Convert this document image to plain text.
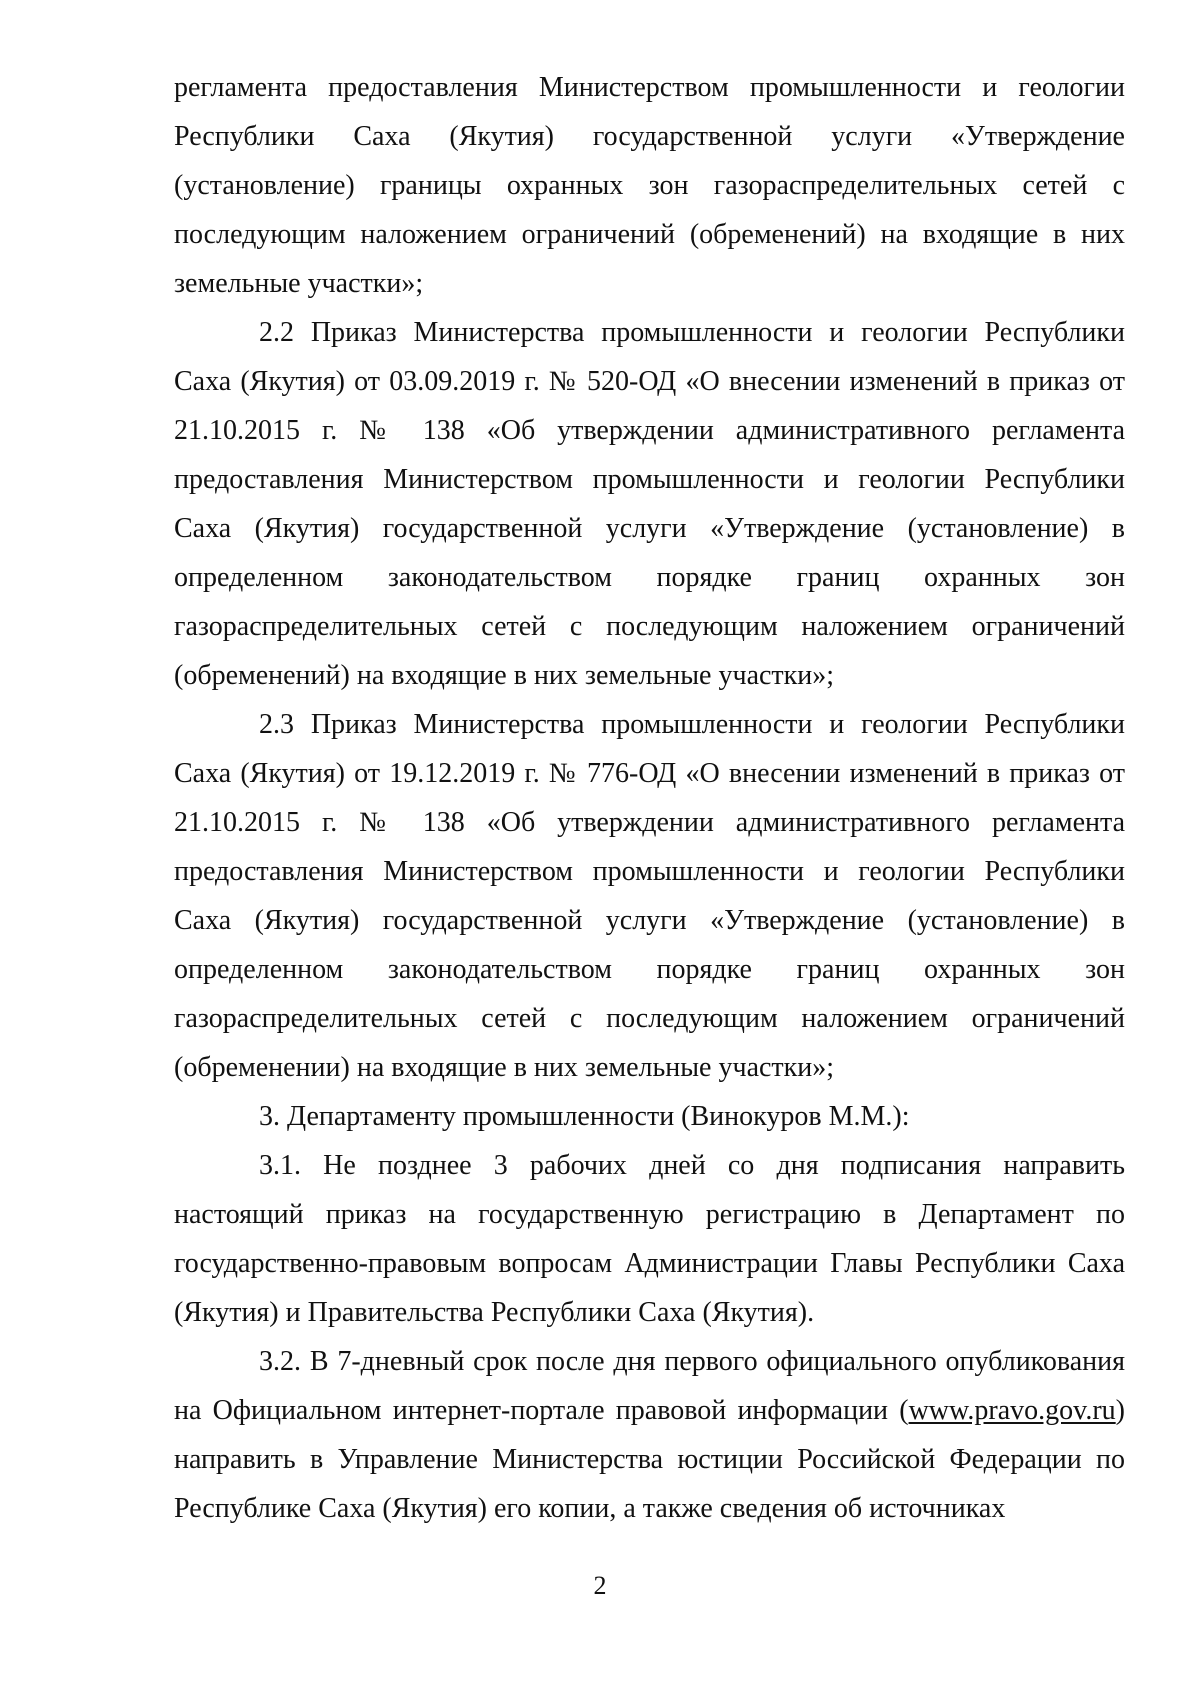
регламента предоставления Министерством промышленности и геологии Республики Саха (Якутия) государственной услуги «Утверждение (установление) границы охранных зон газораспределительных сетей с последующим наложением ограничений (обременений) на входящие в них земельные участки»;

2.2 Приказ Министерства промышленности и геологии Республики Саха (Якутия) от 03.09.2019 г. № 520-ОД «О внесении изменений в приказ от 21.10.2015 г. № 138 «Об утверждении административного регламента предоставления Министерством промышленности и геологии Республики Саха (Якутия) государственной услуги «Утверждение (установление) в определенном законодательством порядке границ охранных зон газораспределительных сетей с последующим наложением ограничений (обременений) на входящие в них земельные участки»;

2.3 Приказ Министерства промышленности и геологии Республики Саха (Якутия) от 19.12.2019 г. № 776-ОД «О внесении изменений в приказ от 21.10.2015 г. № 138 «Об утверждении административного регламента предоставления Министерством промышленности и геологии Республики Саха (Якутия) государственной услуги «Утверждение (установление) в определенном законодательством порядке границ охранных зон газораспределительных сетей с последующим наложением ограничений (обременении) на входящие в них земельные участки»;

3. Департаменту промышленности (Винокуров М.М.):

3.1. Не позднее 3 рабочих дней со дня подписания направить настоящий приказ на государственную регистрацию в Департамент по государственно-правовым вопросам Администрации Главы Республики Саха (Якутия) и Правительства Республики Саха (Якутия).

3.2. В 7-дневный срок после дня первого официального опубликования на Официальном интернет-портале правовой информации (www.pravo.gov.ru) направить в Управление Министерства юстиции Российской Федерации по Республике Саха (Якутия) его копии, а также сведения об источниках

2
